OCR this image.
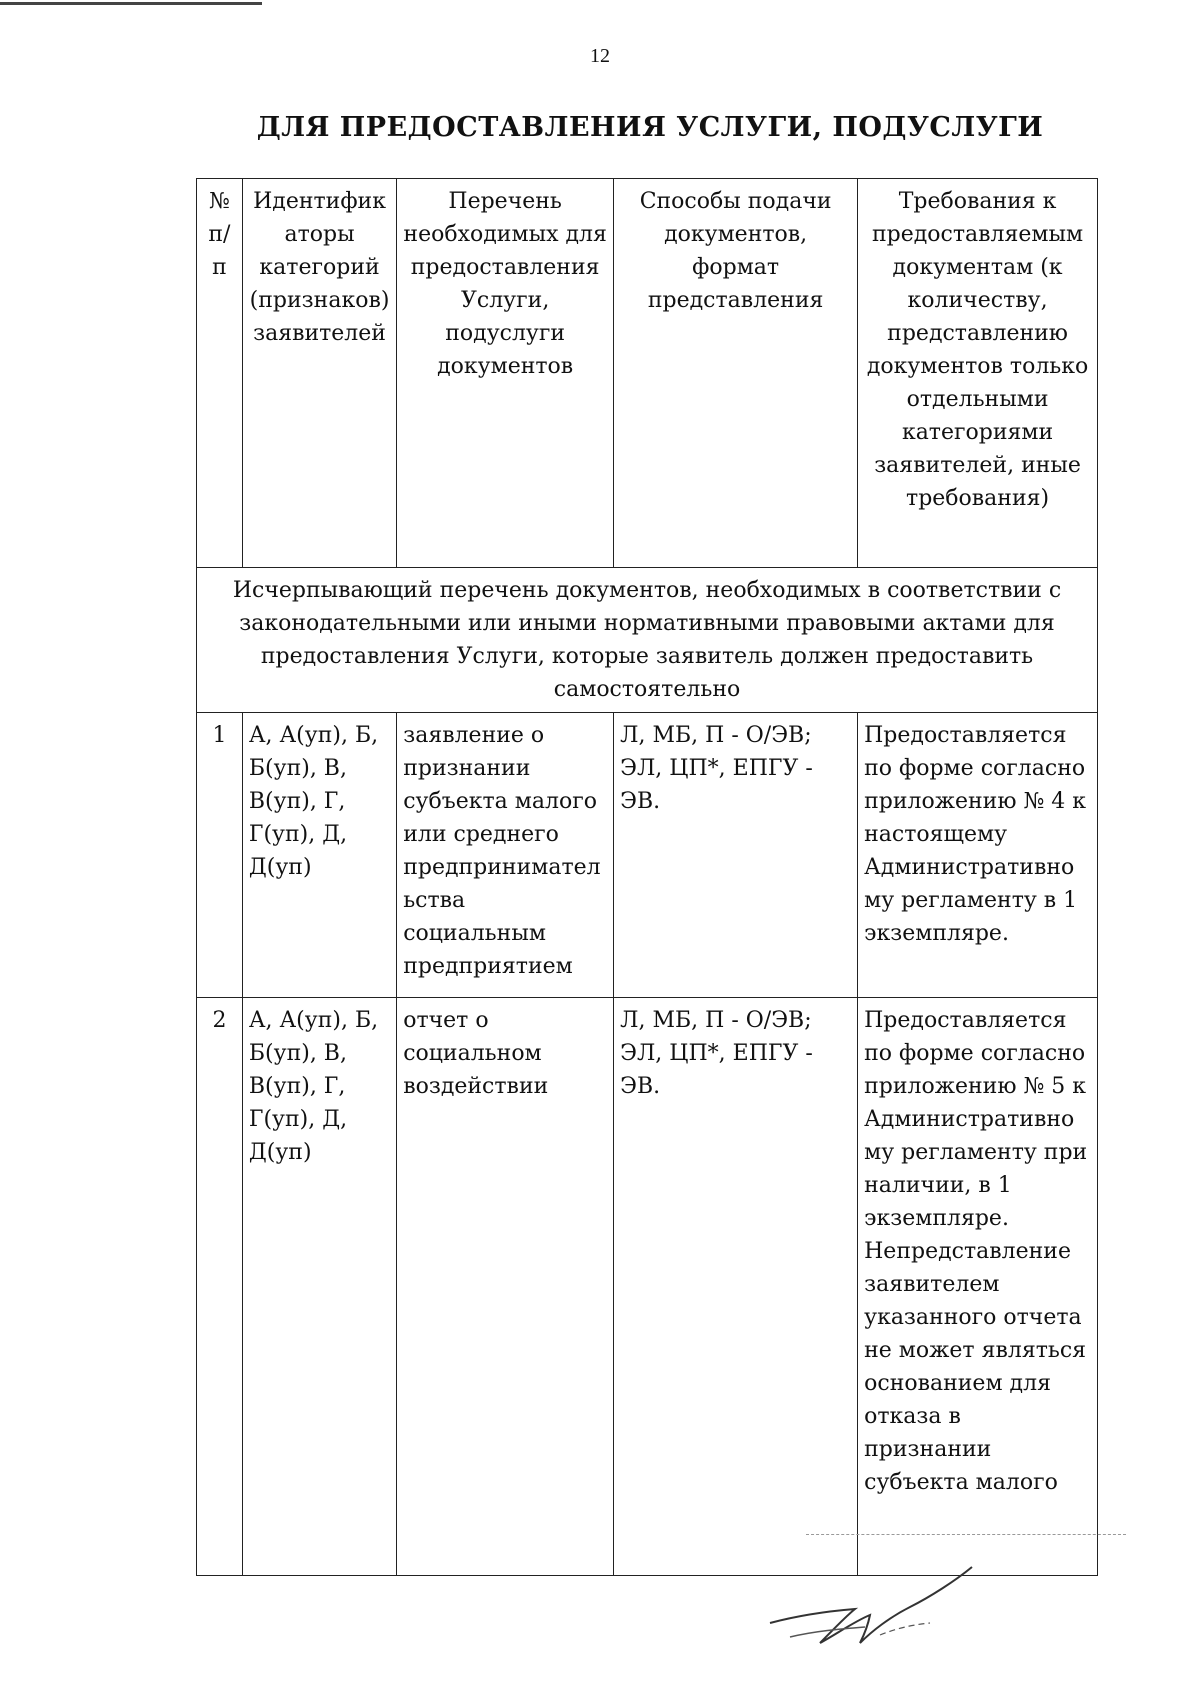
12
ДЛЯ ПРЕДОСТАВЛЕНИЯ УСЛУГИ, ПОДУСЛУГИ
№ п/п	Идентифик аторы категорий (признаков) заявителей	Перечень необходимых для предоставления Услуги, подуслуги документов	Способы подачи документов, формат представления	Требования к предоставляемым документам (к количеству, представлению документов только отдельными категориями заявителей, иные требования)
Исчерпывающий перечень документов, необходимых в соответствии с законодательными или иными нормативными правовыми актами для предоставления Услуги, которые заявитель должен предоставить самостоятельно				
1	А, А(уп), Б, Б(уп), В, В(уп), Г, Г(уп), Д, Д(уп)	заявление о признании субъекта малого или среднего предпринимател ьства социальным предприятием	Л, МБ, П - О/ЭВ; ЭЛ, ЦП*, ЕПГУ - ЭВ.	Предоставляется по форме согласно приложению № 4 к настоящему Административно му регламенту в 1 экземпляре.
2	А, А(уп), Б, Б(уп), В, В(уп), Г, Г(уп), Д, Д(уп)	отчет о социальном воздействии	Л, МБ, П - О/ЭВ; ЭЛ, ЦП*, ЕПГУ - ЭВ.	Предоставляется по форме согласно приложению № 5 к Административно му регламенту при наличии, в 1 экземпляре. Непредставление заявителем указанного отчета не может являться основанием для отказа в признании субъекта малого
